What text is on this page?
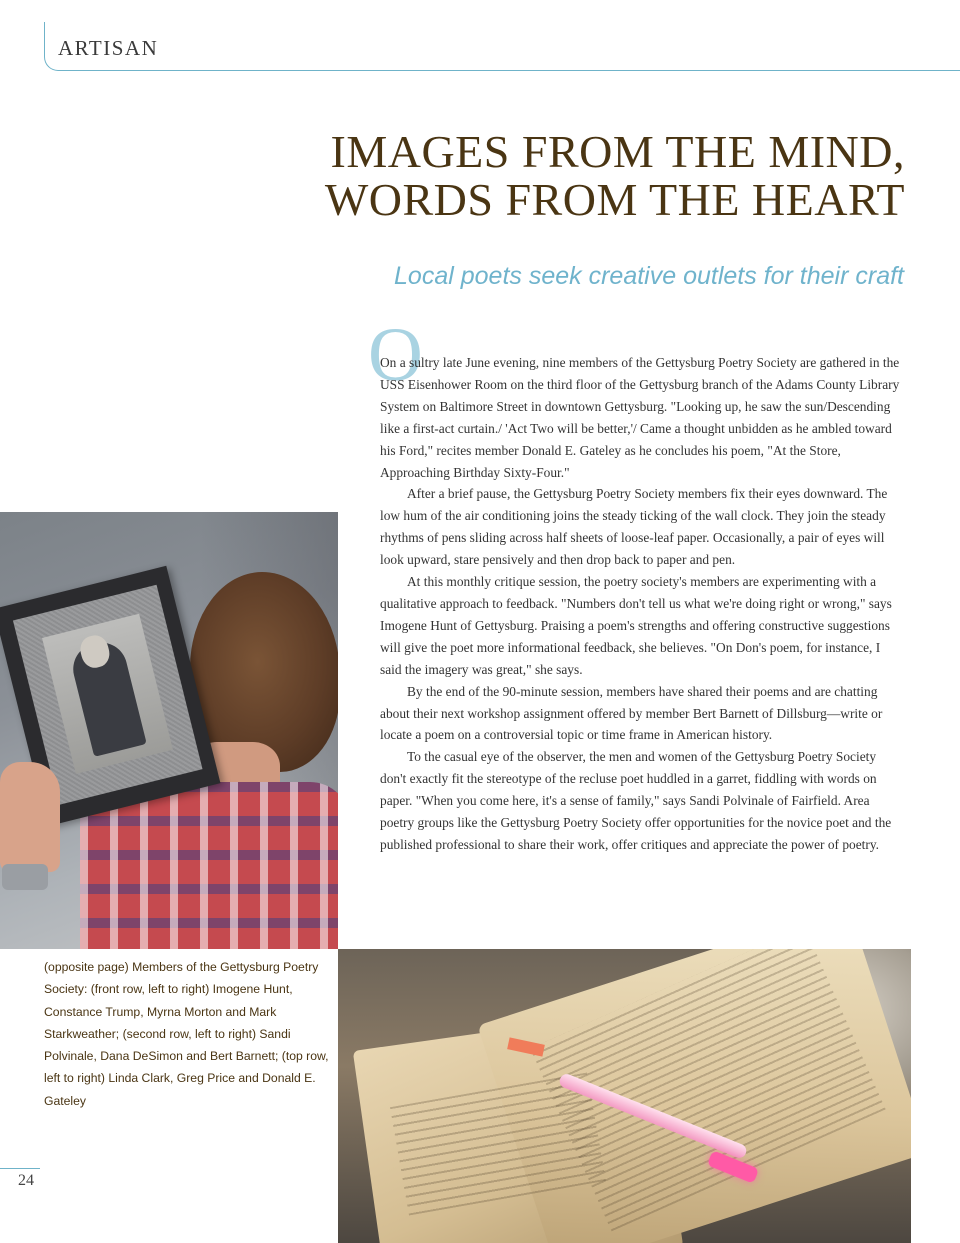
ARTISAN
IMAGES FROM THE MIND,
WORDS FROM THE HEART
Local poets seek creative outlets for their craft
O

On a sultry late June evening, nine members of the Gettysburg Poetry Society are gathered in the USS Eisenhower Room on the third floor of the Gettysburg branch of the Adams County Library System on Baltimore Street in downtown Gettysburg. "Looking up, he saw the sun/Descending like a first-act curtain./ 'Act Two will be better,'/ Came a thought unbidden as he ambled toward his Ford," recites member Donald E. Gateley as he concludes his poem, "At the Store, Approaching Birthday Sixty-Four."

After a brief pause, the Gettysburg Poetry Society members fix their eyes downward. The low hum of the air conditioning joins the steady ticking of the wall clock. They join the steady rhythms of pens sliding across half sheets of loose-leaf paper. Occasionally, a pair of eyes will look upward, stare pensively and then drop back to paper and pen.

At this monthly critique session, the poetry society's members are experimenting with a qualitative approach to feedback. "Numbers don't tell us what we're doing right or wrong," says Imogene Hunt of Gettysburg. Praising a poem's strengths and offering constructive suggestions will give the poet more informational feedback, she believes. "On Don's poem, for instance, I said the imagery was great," she says.

By the end of the 90-minute session, members have shared their poems and are chatting about their next workshop assignment offered by member Bert Barnett of Dillsburg—write or locate a poem on a controversial topic or time frame in American history.

To the casual eye of the observer, the men and women of the Gettysburg Poetry Society don't exactly fit the stereotype of the recluse poet huddled in a garret, fiddling with words on paper. "When you come here, it's a sense of family," says Sandi Polvinale of Fairfield. Area poetry groups like the Gettysburg Poetry Society offer opportunities for the novice poet and the published professional to share their work, offer critiques and appreciate the power of poetry.

(opposite page) Members of the Gettysburg Poetry Society: (front row, left to right) Imogene Hunt, Constance Trump, Myrna Morton and Mark Starkweather; (second row, left to right) Sandi Polvinale, Dana DeSimon and Bert Barnett; (top row, left to right) Linda Clark, Greg Price and Donald E. Gateley
24
